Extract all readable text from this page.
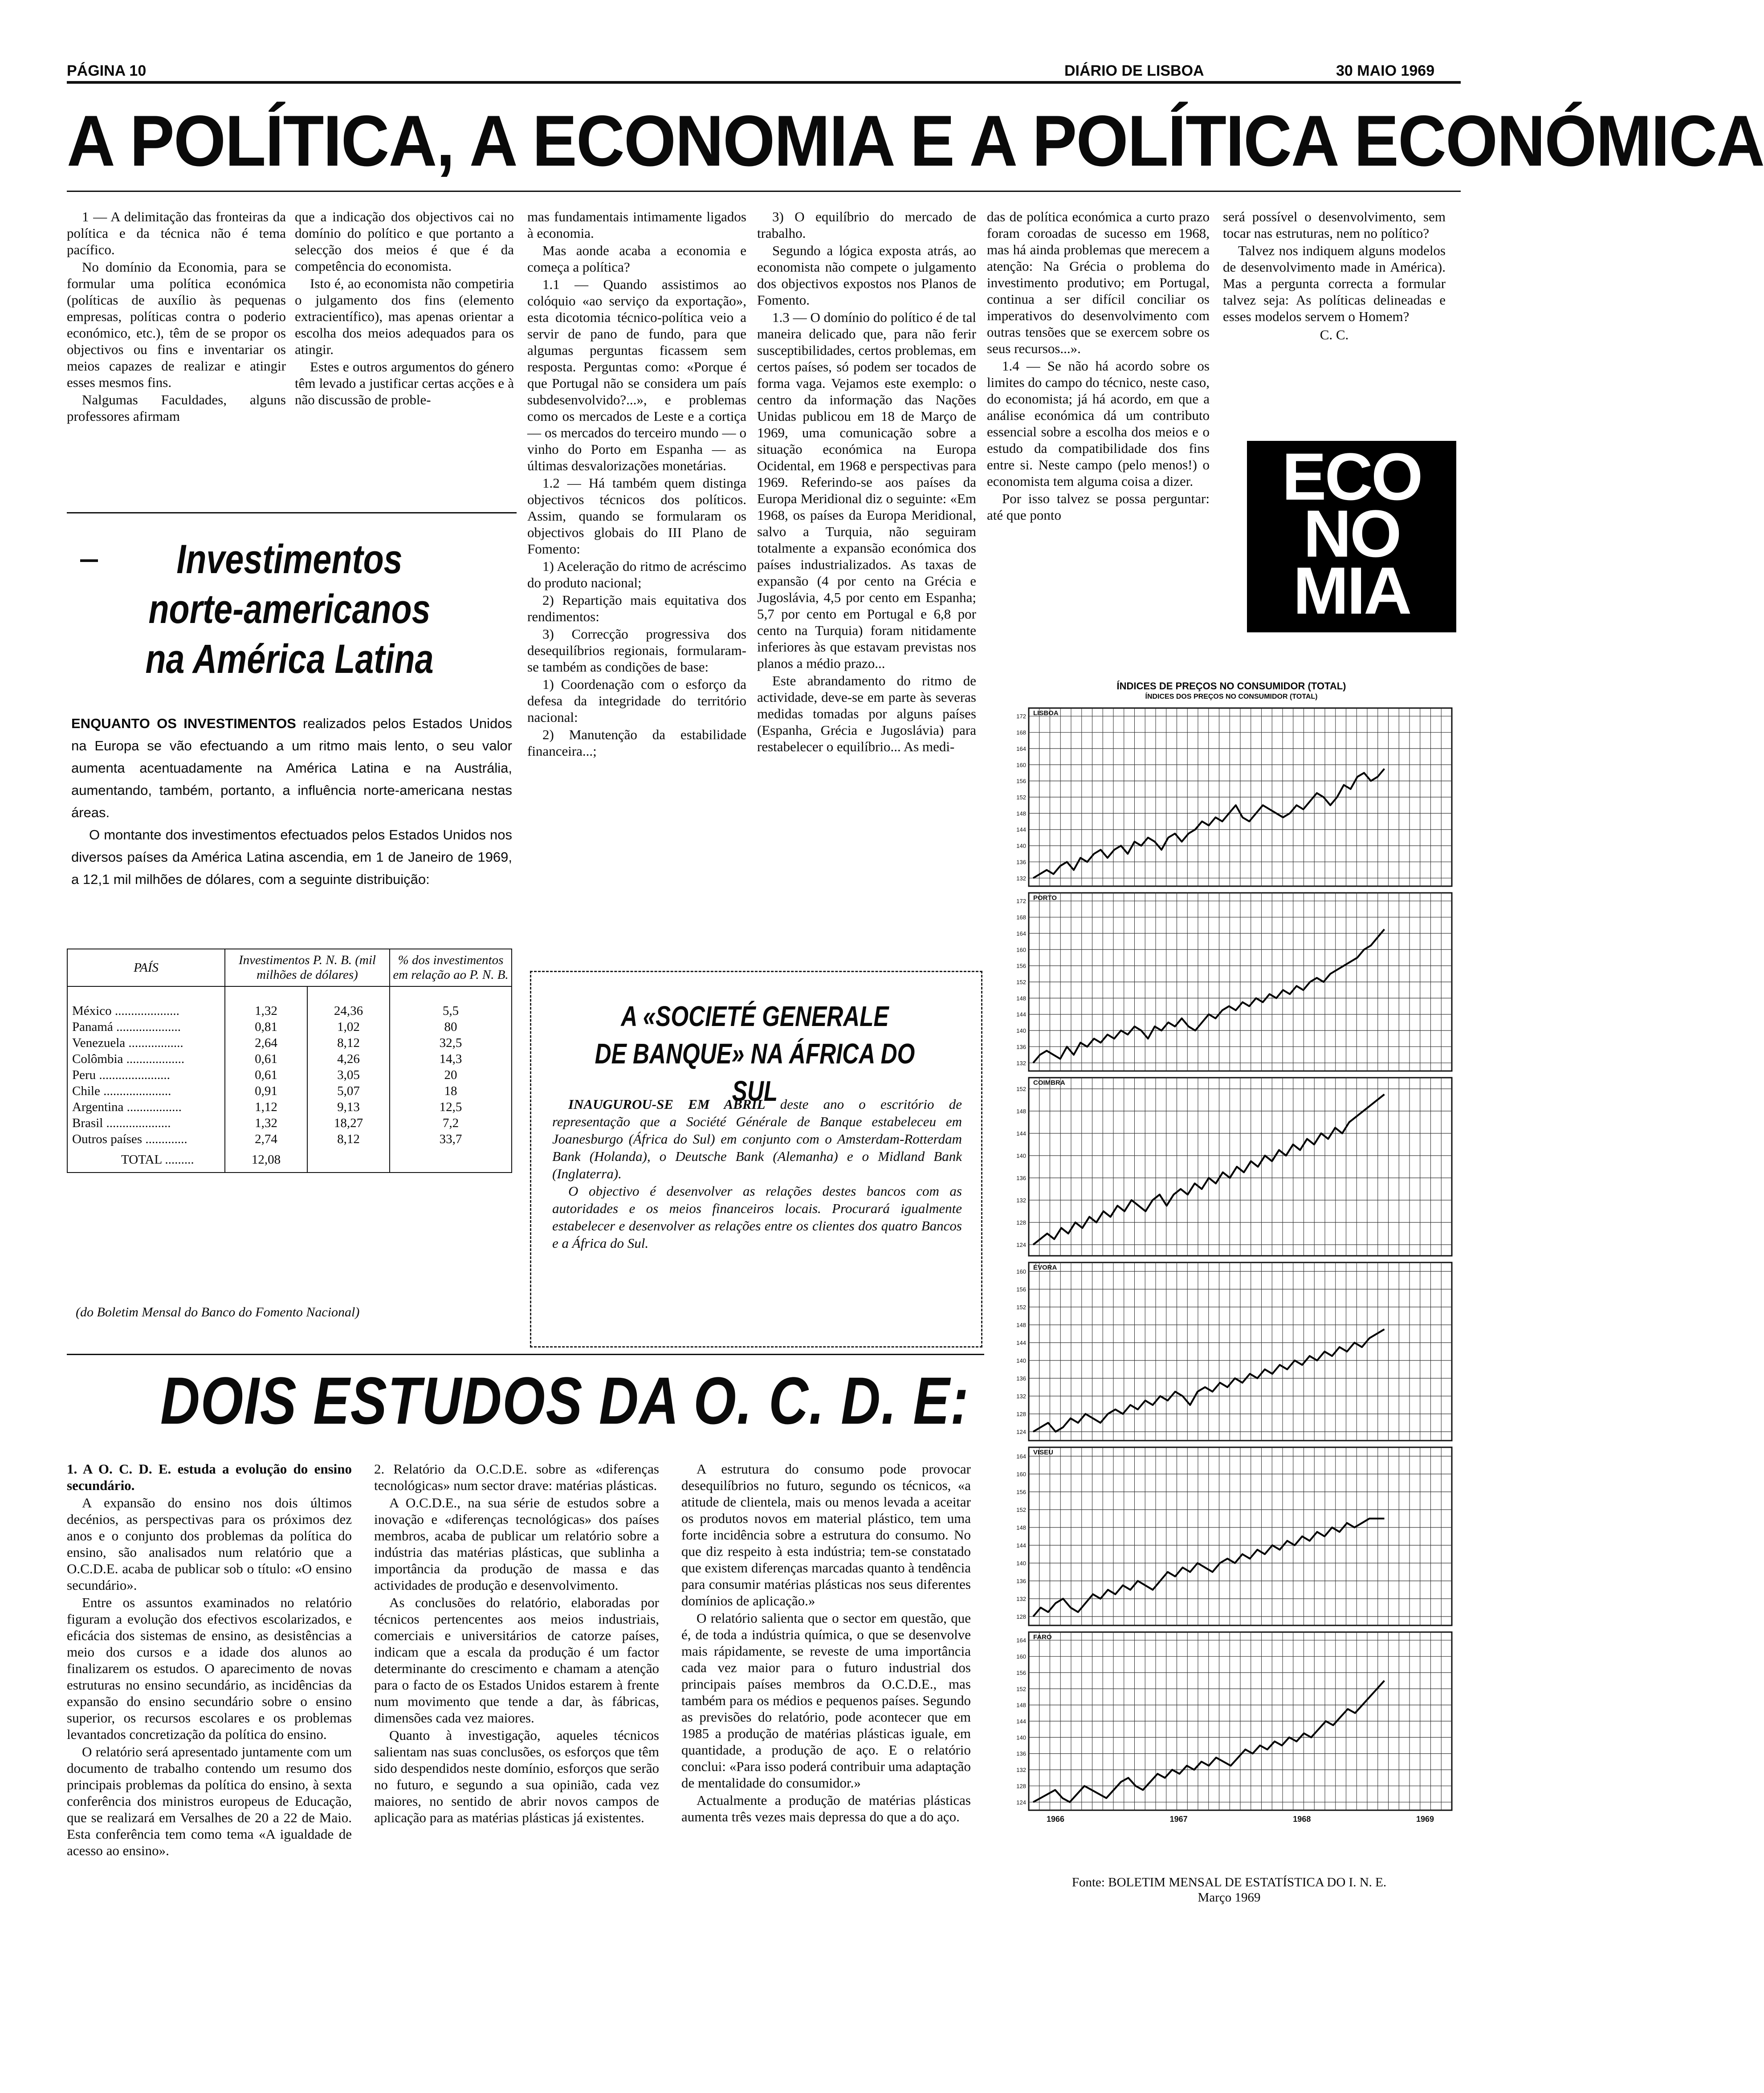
PÁGINA 10	DIÁRIO DE LISBOA	30 MAIO 1969
A POLÍTICA, A ECONOMIA E A POLÍTICA ECONÓMICA

1 — A delimitação das fronteiras da política e da técnica não é tema pacífico.

No domínio da Economia, para se formular uma política económica (políticas de auxílio às pequenas empresas, políticas contra o poderio económico, etc.), têm de se propor os objectivos ou fins e inventariar os meios capazes de realizar e atingir esses mesmos fins.

Nalgumas Faculdades, alguns professores afirmam

que a indicação dos objectivos cai no domínio do político e que portanto a selecção dos meios é que é da competência do economista.

Isto é, ao economista não competiria o julgamento dos fins (elemento extracientífico), mas apenas orientar a escolha dos meios adequados para os atingir.

Estes e outros argumentos do género têm levado a justificar certas acções e à não discussão de proble-

mas fundamentais intimamente ligados à economia.

Mas aonde acaba a economia e começa a política?

1.1 — Quando assistimos ao colóquio «ao serviço da exportação», esta dicotomia técnico-política veio a servir de pano de fundo, para que algumas perguntas ficassem sem resposta. Perguntas como: «Porque é que Portugal não se considera um país subdesenvolvido?...», e problemas como os mercados de Leste e a cortiça — os mercados do terceiro mundo — o vinho do Porto em Espanha — as últimas desvalorizações monetárias.

1.2 — Há também quem distinga objectivos técnicos dos políticos. Assim, quando se formularam os objectivos globais do III Plano de Fomento:

1) Aceleração do ritmo de acréscimo do produto nacional;

2) Repartição mais equitativa dos rendimentos:

3) Correcção progressiva dos desequilíbrios regionais, formularam-se também as condições de base:

1) Coordenação com o esforço da defesa da integridade do território nacional:

2) Manutenção da estabilidade financeira...;

3) O equilíbrio do mercado de trabalho.

Segundo a lógica exposta atrás, ao economista não compete o julgamento dos objectivos expostos nos Planos de Fomento.

1.3 — O domínio do político é de tal maneira delicado que, para não ferir susceptibilidades, certos problemas, em certos países, só podem ser tocados de forma vaga. Vejamos este exemplo: o centro da informação das Nações Unidas publicou em 18 de Março de 1969, uma comunicação sobre a situação económica na Europa Ocidental, em 1968 e perspectivas para 1969. Referindo-se aos países da Europa Meridional diz o seguinte: «Em 1968, os países da Europa Meridional, salvo a Turquia, não seguiram totalmente a expansão económica dos países industrializados. As taxas de expansão (4 por cento na Grécia e Jugoslávia, 4,5 por cento em Espanha; 5,7 por cento em Portugal e 6,8 por cento na Turquia) foram nitidamente inferiores às que estavam previstas nos planos a médio prazo...

Este abrandamento do ritmo de actividade, deve-se em parte às severas medidas tomadas por alguns países (Espanha, Grécia e Jugoslávia) para restabelecer o equilíbrio... As medi-

das de política económica a curto prazo foram coroadas de sucesso em 1968, mas há ainda problemas que merecem a atenção: Na Grécia o problema do investimento produtivo; em Portugal, continua a ser difícil conciliar os imperativos do desenvolvimento com outras tensões que se exercem sobre os seus recursos...».

1.4 — Se não há acordo sobre os limites do campo do técnico, neste caso, do economista; já há acordo, em que a análise económica dá um contributo essencial sobre a escolha dos meios e o estudo da compatibilidade dos fins entre si. Neste campo (pelo menos!) o economista tem alguma coisa a dizer.

Por isso talvez se possa perguntar: até que ponto

será possível o desenvolvimento, sem tocar nas estruturas, nem no político?

Talvez nos indiquem alguns modelos de desenvolvimento made in América). Mas a pergunta correcta a formular talvez seja: As políticas delineadas e esses modelos servem o Homem?

C. C.

ECO
NO
MIA
Investimentos
norte-americanos
na América Latina

ENQUANTO OS INVESTIMENTOS realizados pelos Estados Unidos na Europa se vão efectuando a um ritmo mais lento, o seu valor aumenta acentuadamente na América Latina e na Austrália, aumentando, também, portanto, a influência norte-americana nestas áreas.

O montante dos investimentos efectuados pelos Estados Unidos nos diversos países da América Latina ascendia, em 1 de Janeiro de 1969, a 12,1 mil milhões de dólares, com a seguinte distribuição:

PAÍS	Investimentos P. N. B. (mil milhões de dólares)		% dos investimentos em relação ao P. N. B.

México ....................	1,32	24,36	5,5
Panamá ....................	0,81	1,02	80
Venezuela .................	2,64	8,12	32,5
Colômbia ..................	0,61	4,26	14,3
Peru ......................	0,61	3,05	20
Chile .....................	0,91	5,07	18
Argentina .................	1,12	9,13	12,5
Brasil ....................	1,32	18,27	7,2
Outros países .............	2,74	8,12	33,7
TOTAL .........	12,08		
(do Boletim Mensal do Banco do Fomento Nacional)
A «SOCIETÉ GENERALE
DE BANQUE» NA ÁFRICA DO SUL

INAUGUROU-SE EM ABRIL deste ano o escritório de representação que a Société Générale de Banque estabeleceu em Joanesburgo (África do Sul) em conjunto com o Amsterdam-Rotterdam Bank (Holanda), o Deutsche Bank (Alemanha) e o Midland Bank (Inglaterra).

O objectivo é desenvolver as relações destes bancos com as autoridades e os meios financeiros locais. Procurará igualmente estabelecer e desenvolver as relações entre os clientes dos quatro Bancos e a África do Sul.

DOIS ESTUDOS DA O. C. D. E:

1. A O. C. D. E. estuda a evolução do ensino secundário.

A expansão do ensino nos dois últimos decénios, as perspectivas para os próximos dez anos e o conjunto dos problemas da política do ensino, são analisados num relatório que a O.C.D.E. acaba de publicar sob o título: «O ensino secundário».

Entre os assuntos examinados no relatório figuram a evolução dos efectivos escolarizados, e eficácia dos sistemas de ensino, as desistências a meio dos cursos e a idade dos alunos ao finalizarem os estudos. O aparecimento de novas estruturas no ensino secundário, as incidências da expansão do ensino secundário sobre o ensino superior, os recursos escolares e os problemas levantados concretização da política do ensino.

O relatório será apresentado juntamente com um documento de trabalho contendo um resumo dos principais problemas da política do ensino, à sexta conferência dos ministros europeus de Educação, que se realizará em Versalhes de 20 a 22 de Maio. Esta conferência tem como tema «A igualdade de acesso ao ensino».

2. Relatório da O.C.D.E. sobre as «diferenças tecnológicas» num sector drave: matérias plásticas.

A O.C.D.E., na sua série de estudos sobre a inovação e «diferenças tecnológicas» dos países membros, acaba de publicar um relatório sobre a indústria das matérias plásticas, que sublinha a importância da produção de massa e das actividades de produção e desenvolvimento.

As conclusões do relatório, elaboradas por técnicos pertencentes aos meios industriais, comerciais e universitários de catorze países, indicam que a escala da produção é um factor determinante do crescimento e chamam a atenção para o facto de os Estados Unidos estarem à frente num movimento que tende a dar, às fábricas, dimensões cada vez maiores.

Quanto à investigação, aqueles técnicos salientam nas suas conclusões, os esforços que têm sido despendidos neste domínio, esforços que serão no futuro, e segundo a sua opinião, cada vez maiores, no sentido de abrir novos campos de aplicação para as matérias plásticas já existentes.

A estrutura do consumo pode provocar desequilíbrios no futuro, segundo os técnicos, «a atitude de clientela, mais ou menos levada a aceitar os produtos novos em material plástico, tem uma forte incidência sobre a estrutura do consumo. No que diz respeito à esta indústria; tem-se constatado que existem diferenças marcadas quanto à tendência para consumir matérias plásticas nos seus diferentes domínios de aplicação.»

O relatório salienta que o sector em questão, que é, de toda a indústria química, o que se desenvolve mais rápidamente, se reveste de uma importância cada vez maior para o futuro industrial dos principais países membros da O.C.D.E., mas também para os médios e pequenos países. Segundo as previsões do relatório, pode acontecer que em 1985 a produção de matérias plásticas iguale, em quantidade, a produção de aço. E o relatório conclui: «Para isso poderá contribuir uma adaptação de mentalidade do consumidor.»

Actualmente a produção de matérias plásticas aumenta três vezes mais depressa do que a do aço.

ÍNDICES DE PREÇOS NO CONSUMIDOR (TOTAL)
ÍNDICES DOS PREÇOS NO CONSUMIDOR (TOTAL)
172
168
164
160
156
152
148
144
140
136
132
LISBOA
172
168
164
160
156
152
148
144
140
136
132
PORTO
152
148
144
140
136
132
128
124
COIMBRA
160
156
152
148
144
140
136
132
128
124
ÉVORA
164
160
156
152
148
144
140
136
132
128
VISEU
164
160
156
152
148
144
140
136
132
128
124
FARO
1966	1967	1968	1969
Fonte: BOLETIM MENSAL DE ESTATÍSTICA DO I. N. E.
Março 1969
